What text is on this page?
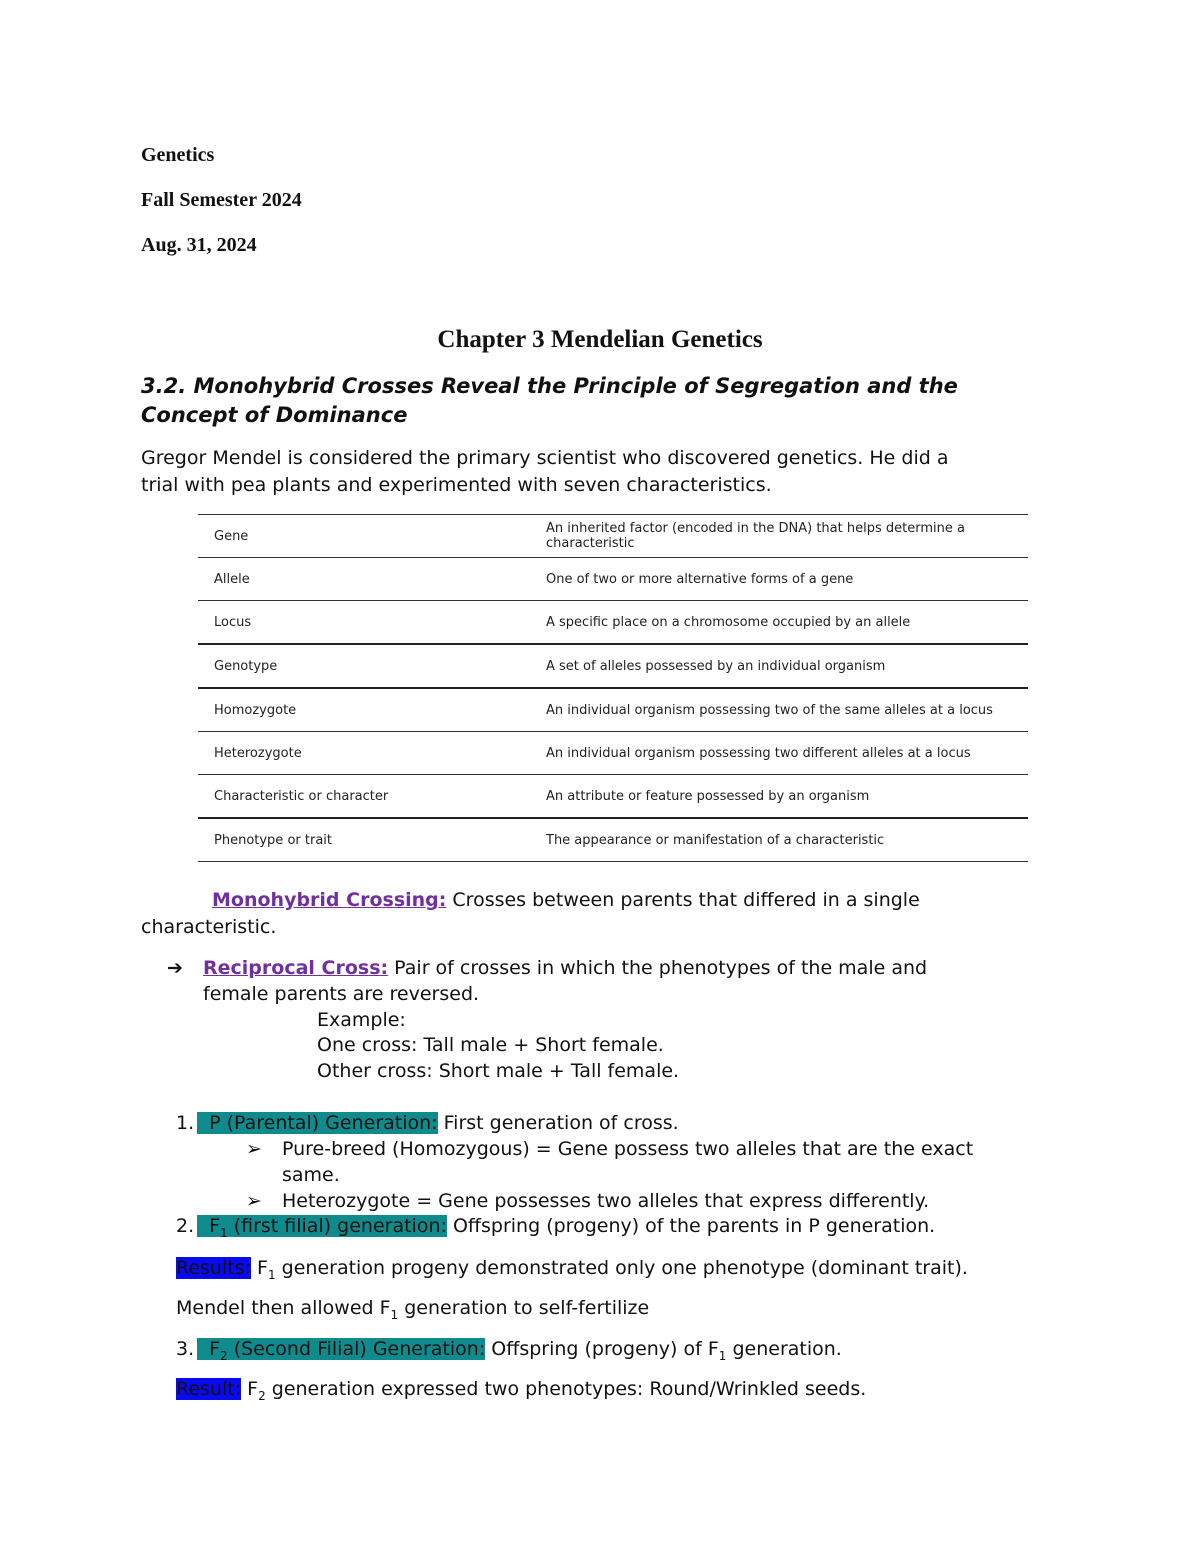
Genetics
Fall Semester 2024
Aug. 31, 2024
Chapter 3 Mendelian Genetics
3.2. Monohybrid Crosses Reveal the Principle of Segregation and the
Concept of Dominance
Gregor Mendel is considered the primary scientist who discovered genetics. He did a
trial with pea plants and experimented with seven characteristics.
Gene	An inherited factor (encoded in the DNA) that helps determine a characteristic
Allele	One of two or more alternative forms of a gene
Locus	A specific place on a chromosome occupied by an allele
Genotype	A set of alleles possessed by an individual organism
Homozygote	An individual organism possessing two of the same alleles at a locus
Heterozygote	An individual organism possessing two different alleles at a locus
Characteristic or character	An attribute or feature possessed by an organism
Phenotype or trait	The appearance or manifestation of a characteristic
Monohybrid Crossing: Crosses between parents that differed in a single
characteristic.
➔ Reciprocal Cross: Pair of crosses in which the phenotypes of the male and
female parents are reversed.
Example:
One cross: Tall male + Short female.
Other cross: Short male + Tall female.
1. P (Parental) Generation: First generation of cross.
➢ Pure-breed (Homozygous) = Gene possess two alleles that are the exact
same.
➢ Heterozygote = Gene possesses two alleles that express differently.
2. $F_1$ (first filial) generation: Offspring (progeny) of the parents in P generation.
Results: $F_1$ generation progeny demonstrated only one phenotype (dominant trait).
Mendel then allowed $F_1$ generation to self-fertilize
3. $F_2$ (Second Filial) Generation: Offspring (progeny) of $F_1$ generation.
Result: $F_2$ generation expressed two phenotypes: Round/Wrinkled seeds.
